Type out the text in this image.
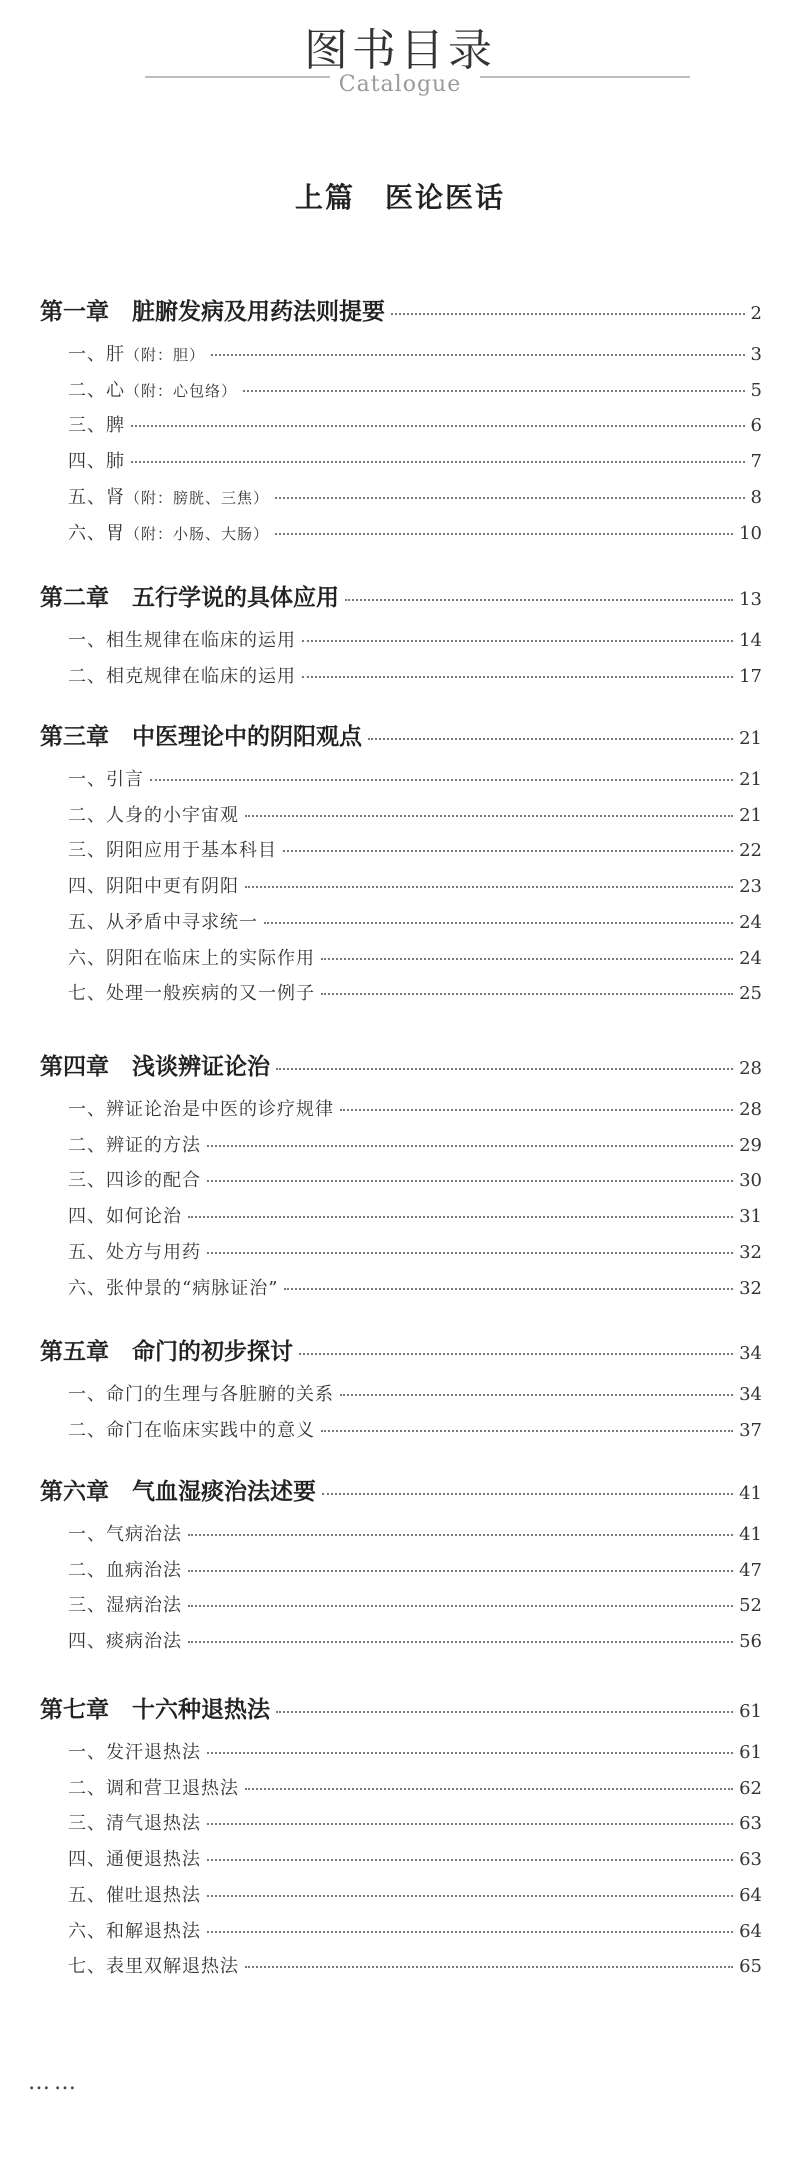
图书目录
Catalogue
上篇　医论医话
第一章　脏腑发病及用药法则提要	2
一、肝（附：胆）	3
二、心（附：心包络）	5
三、脾	6
四、肺	7
五、肾（附：膀胱、三焦）	8
六、胃（附：小肠、大肠）	10
第二章　五行学说的具体应用	13
一、相生规律在临床的运用	14
二、相克规律在临床的运用	17
第三章　中医理论中的阴阳观点	21
一、引言	21
二、人身的小宇宙观	21
三、阴阳应用于基本科目	22
四、阴阳中更有阴阳	23
五、从矛盾中寻求统一	24
六、阴阳在临床上的实际作用	24
七、处理一般疾病的又一例子	25
第四章　浅谈辨证论治	28
一、辨证论治是中医的诊疗规律	28
二、辨证的方法	29
三、四诊的配合	30
四、如何论治	31
五、处方与用药	32
六、张仲景的“病脉证治”	32
第五章　命门的初步探讨	34
一、命门的生理与各脏腑的关系	34
二、命门在临床实践中的意义	37
第六章　气血湿痰治法述要	41
一、气病治法	41
二、血病治法	47
三、湿病治法	52
四、痰病治法	56
第七章　十六种退热法	61
一、发汗退热法	61
二、调和营卫退热法	62
三、清气退热法	63
四、通便退热法	63
五、催吐退热法	64
六、和解退热法	64
七、表里双解退热法	65
……
